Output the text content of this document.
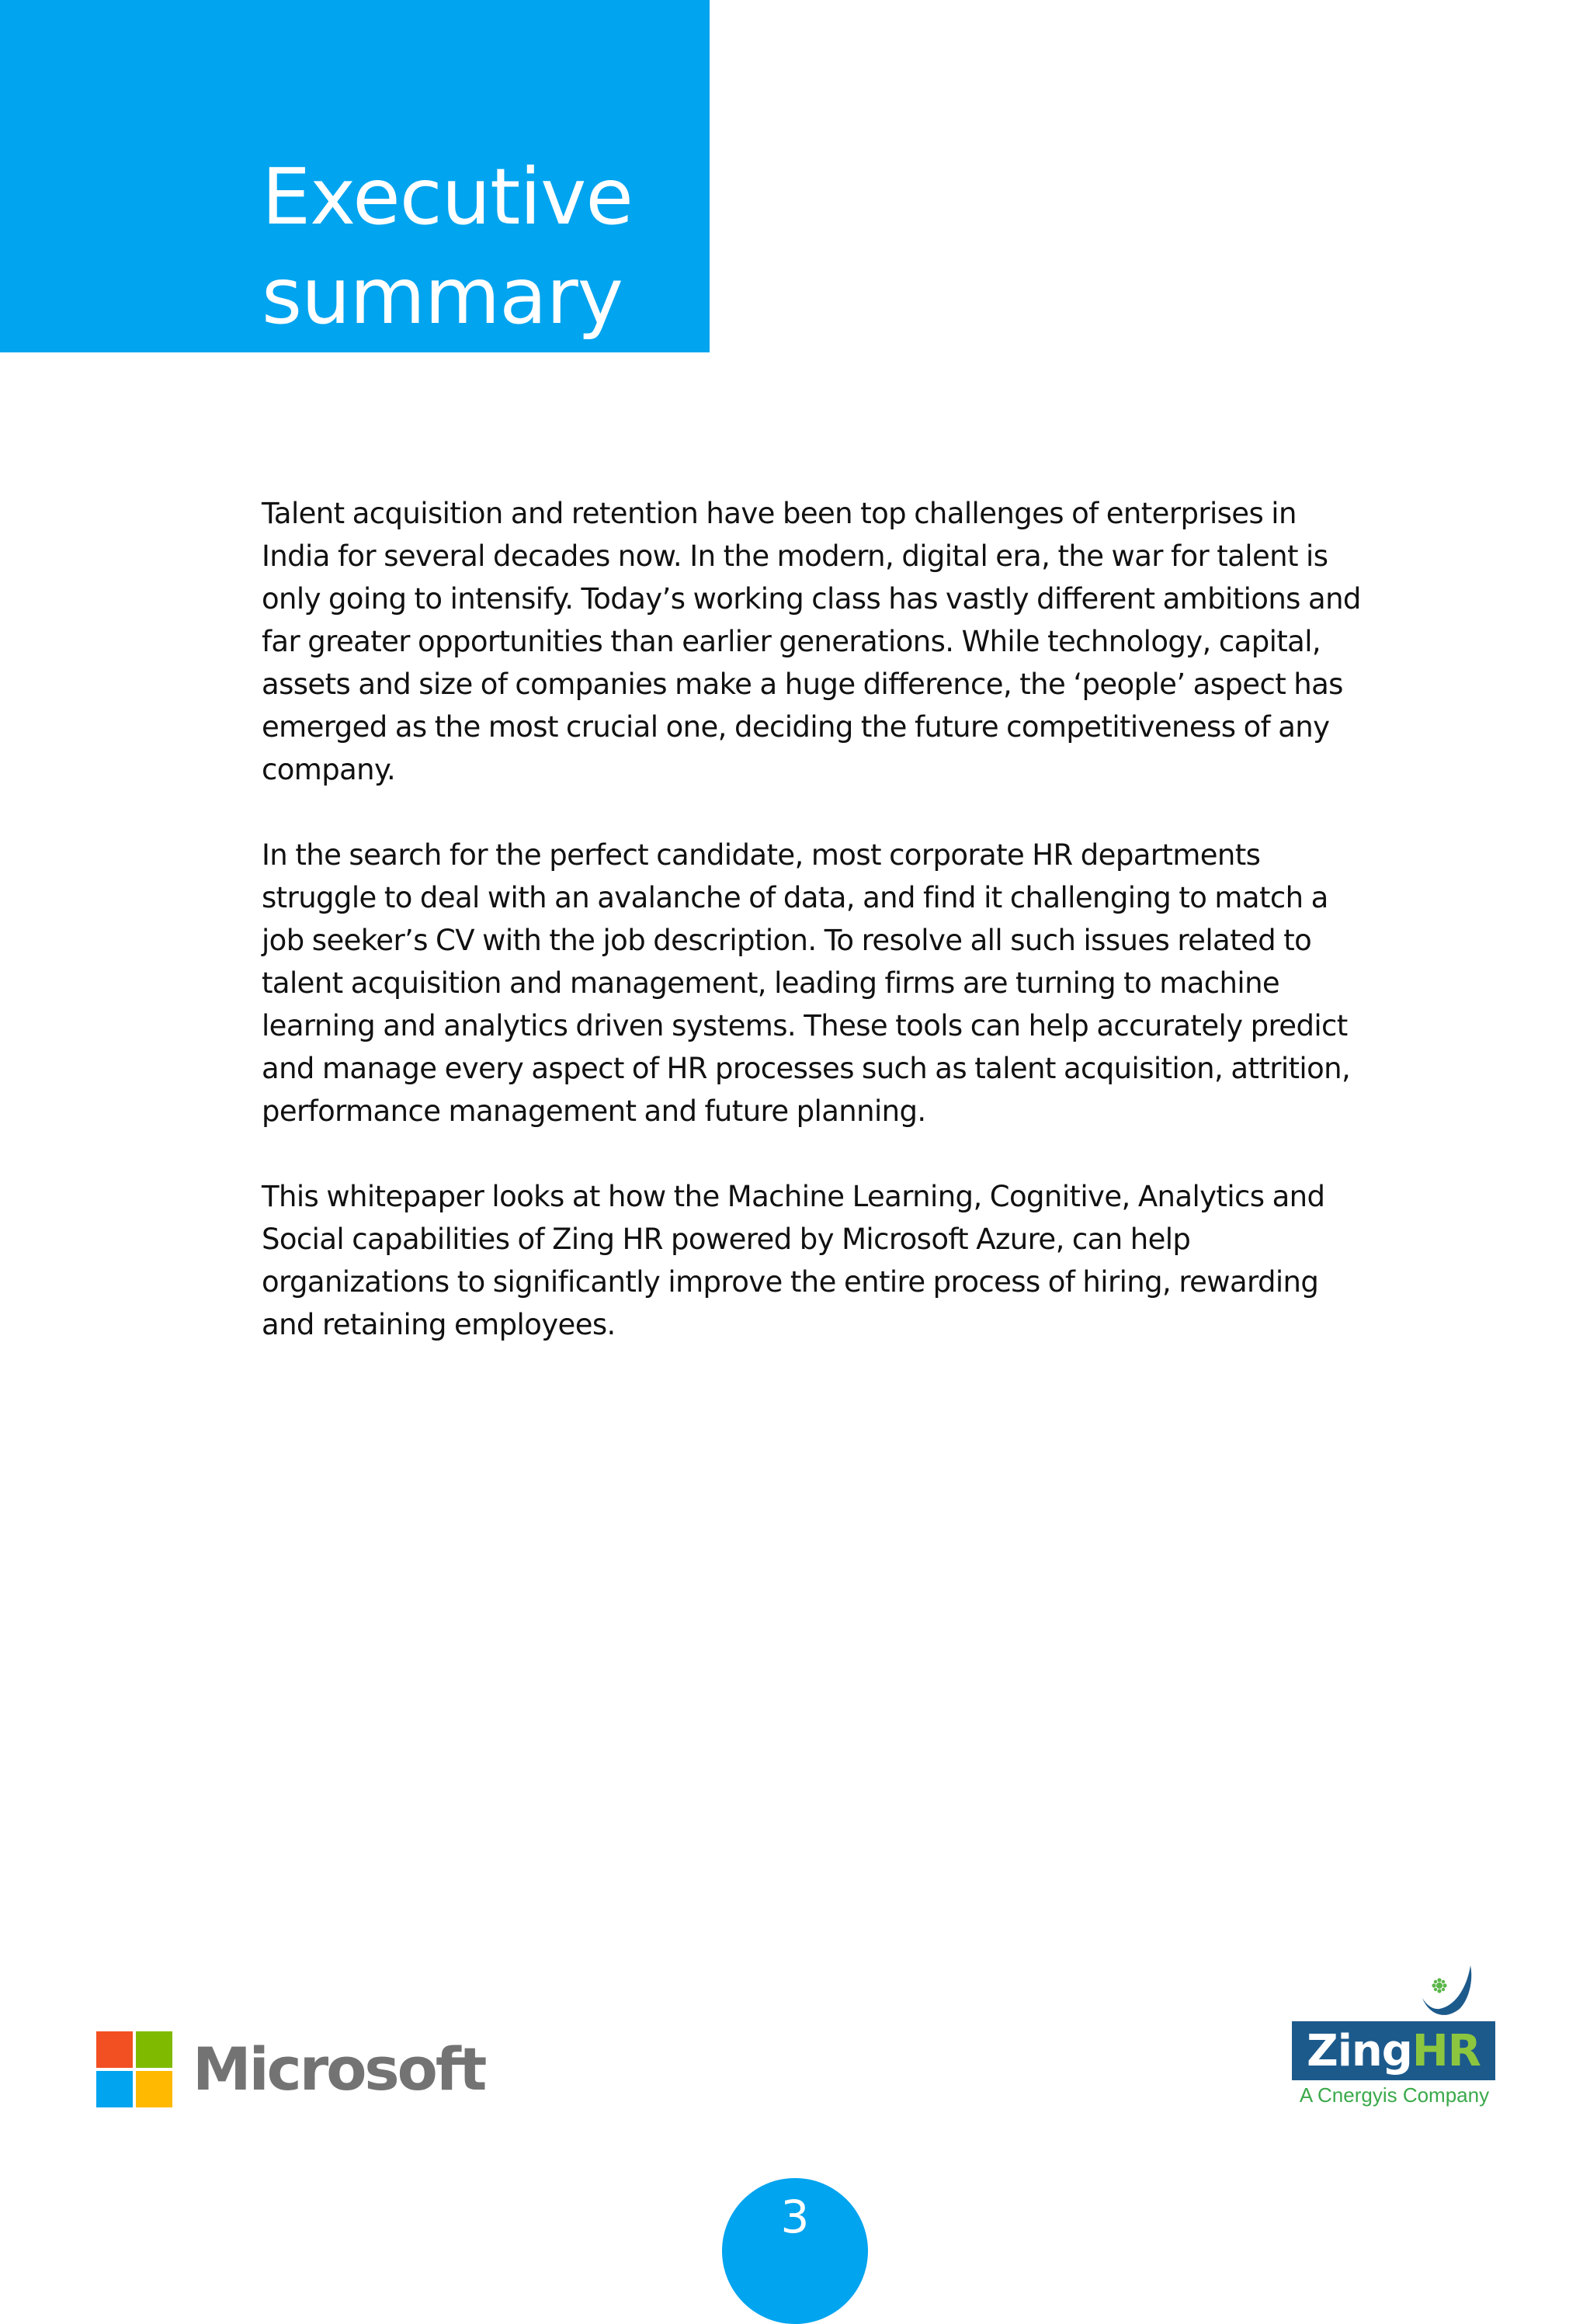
Executive
summary

Talent acquisition and retention have been top challenges of enterprises in India for several decades now. In the modern, digital era, the war for talent is only going to intensify. Today’s working class has vastly different ambitions and far greater opportunities than earlier generations. While technology, capital, assets and size of companies make a huge difference, the ‘people’ aspect has emerged as the most crucial one, deciding the future competitiveness of any company.

In the search for the perfect candidate, most corporate HR departments struggle to deal with an avalanche of data, and find it challenging to match a job seeker’s CV with the job description. To resolve all such issues related to talent acquisition and management, leading firms are turning to machine learning and analytics driven systems. These tools can help accurately predict and manage every aspect of HR processes such as talent acquisition, attrition, performance management and future planning.

This whitepaper looks at how the Machine Learning, Cognitive, Analytics and Social capabilities of Zing HR powered by Microsoft Azure, can help organizations to significantly improve the entire process of hiring, rewarding and retaining employees.

Microsoft	Zing HR
A Cnergyis Company
3
